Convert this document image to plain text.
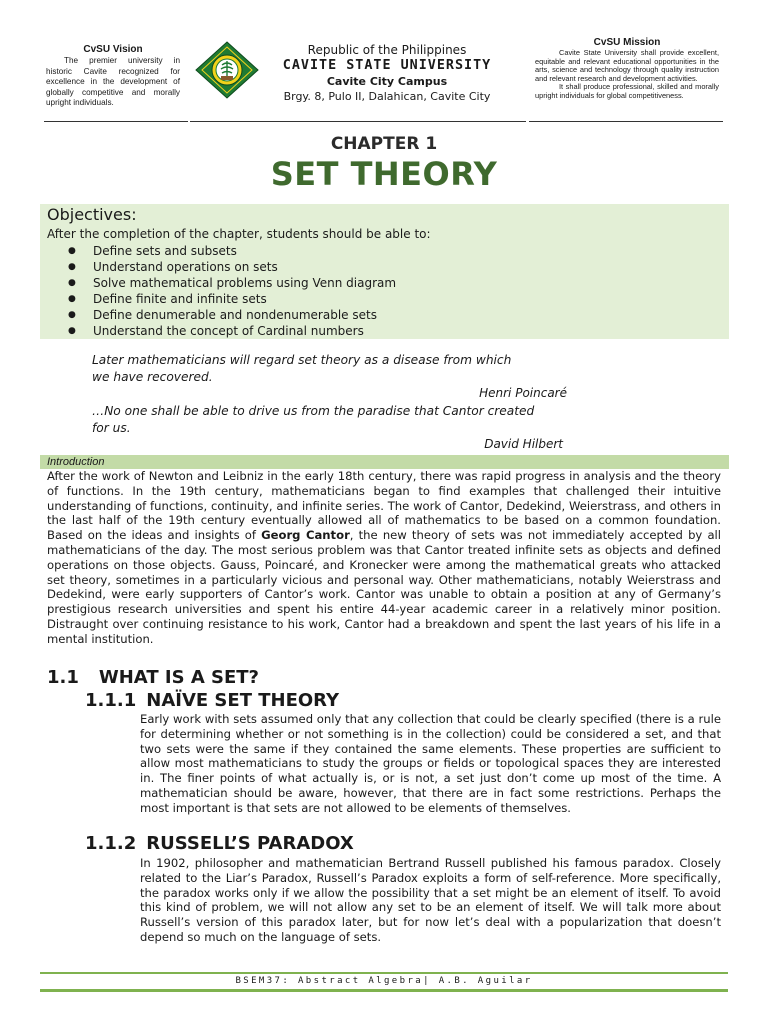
CvSU Vision
The premier university in historic Cavite recognized for excellence in the development of globally competitive and morally upright individuals.
Republic of the Philippines
CAVITE STATE UNIVERSITY
Cavite City Campus
Brgy. 8, Pulo II, Dalahican, Cavite City
CvSU Mission

Cavite State University shall provide excellent, equitable and relevant educational opportunities in the arts, science and technology through quality instruction and relevant research and development activities.

It shall produce professional, skilled and morally upright individuals for global competitiveness.

CHAPTER 1
SET THEORY
Objectives:
After the completion of the chapter, students should be able to:
● Define sets and subsets
● Understand operations on sets
● Solve mathematical problems using Venn diagram
● Define finite and infinite sets
● Define denumerable and nondenumerable sets
● Understand the concept of Cardinal numbers
Later mathematicians will regard set theory as a disease from which
we have recovered.
Henri Poincaré
…No one shall be able to drive us from the paradise that Cantor created
for us.
David Hilbert
Introduction
After the work of Newton and Leibniz in the early 18th century, there was rapid progress in analysis and the theory of functions. In the 19th century, mathematicians began to find examples that challenged their intuitive understanding of functions, continuity, and infinite series. The work of Cantor, Dedekind, Weierstrass, and others in the last half of the 19th century eventually allowed all of mathematics to be based on a common foundation. Based on the ideas and insights of Georg Cantor, the new theory of sets was not immediately accepted by all mathematicians of the day. The most serious problem was that Cantor treated infinite sets as objects and defined operations on those objects. Gauss, Poincaré, and Kronecker were among the mathematical greats who attacked set theory, sometimes in a particularly vicious and personal way. Other mathematicians, notably Weierstrass and Dedekind, were early supporters of Cantor’s work. Cantor was unable to obtain a position at any of Germany’s prestigious research universities and spent his entire 44-year academic career in a relatively minor position. Distraught over continuing resistance to his work, Cantor had a breakdown and spent the last years of his life in a mental institution.
1.1 WHAT IS A SET?
1.1.1 NAÏVE SET THEORY
Early work with sets assumed only that any collection that could be clearly specified (there is a rule for determining whether or not something is in the collection) could be considered a set, and that two sets were the same if they contained the same elements. These properties are sufficient to allow most mathematicians to study the groups or fields or topological spaces they are interested in. The finer points of what actually is, or is not, a set just don’t come up most of the time. A mathematician should be aware, however, that there are in fact some restrictions. Perhaps the most important is that sets are not allowed to be elements of themselves.
1.1.2 RUSSELL’S PARADOX
In 1902, philosopher and mathematician Bertrand Russell published his famous paradox. Closely related to the Liar’s Paradox, Russell’s Paradox exploits a form of self-reference. More specifically, the paradox works only if we allow the possibility that a set might be an element of itself. To avoid this kind of problem, we will not allow any set to be an element of itself. We will talk more about Russell’s version of this paradox later, but for now let’s deal with a popularization that doesn’t depend so much on the language of sets.
BSEM37: Abstract Algebra| A.B. Aguilar
